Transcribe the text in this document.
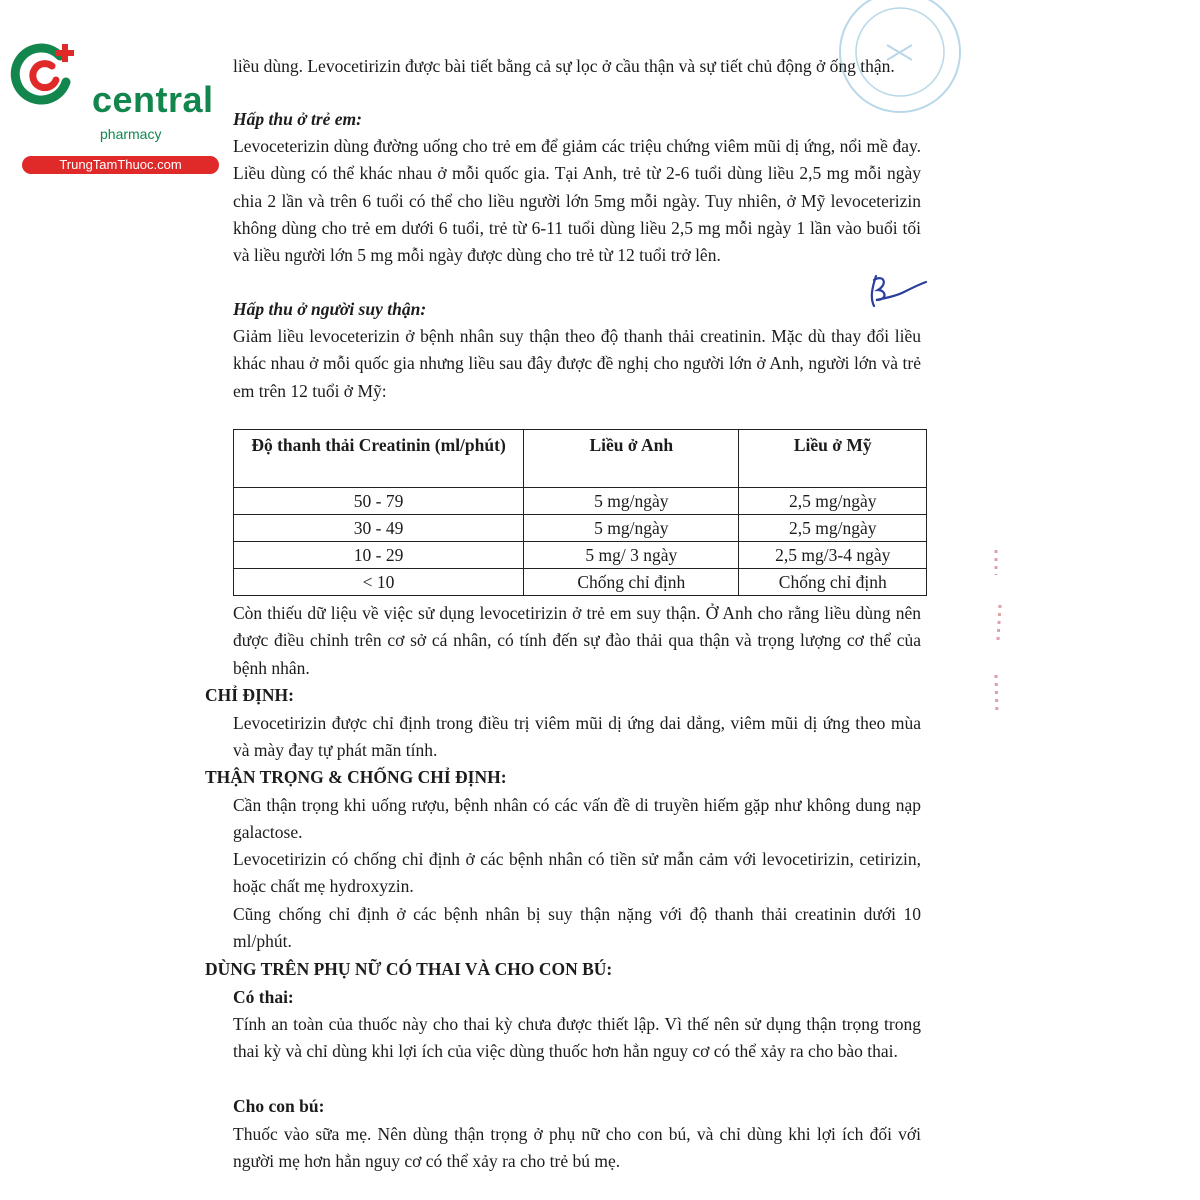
central
pharmacy
TrungTamThuoc.com

liều dùng. Levocetirizin được bài tiết bằng cả sự lọc ở cầu thận và sự tiết chủ động ở ống thận.

Hấp thu ở trẻ em:

Levoceterizin dùng đường uống cho trẻ em để giảm các triệu chứng viêm mũi dị ứng, nổi mề đay. Liều dùng có thể khác nhau ở mỗi quốc gia. Tại Anh, trẻ từ 2-6 tuổi dùng liều 2,5 mg mỗi ngày chia 2 lần và trên 6 tuổi có thể cho liều người lớn 5mg mỗi ngày. Tuy nhiên, ở Mỹ levoceterizin không dùng cho trẻ em dưới 6 tuổi, trẻ từ 6-11 tuổi dùng liều 2,5 mg mỗi ngày 1 lần vào buổi tối và liều người lớn 5 mg mỗi ngày được dùng cho trẻ từ 12 tuổi trở lên.

Hấp thu ở người suy thận:

Giảm liều levoceterizin ở bệnh nhân suy thận theo độ thanh thải creatinin. Mặc dù thay đổi liều khác nhau ở mỗi quốc gia nhưng liều sau đây được đề nghị cho người lớn ở Anh, người lớn và trẻ em trên 12 tuổi ở Mỹ:

Độ thanh thải Creatinin (ml/phút)	Liều ở Anh	Liều ở Mỹ
50 - 79	5 mg/ngày	2,5 mg/ngày
30 - 49	5 mg/ngày	2,5 mg/ngày
10 - 29	5 mg/ 3 ngày	2,5 mg/3-4 ngày
< 10	Chống chỉ định	Chống chỉ định

Còn thiếu dữ liệu về việc sử dụng levocetirizin ở trẻ em suy thận. Ở Anh cho rằng liều dùng nên được điều chỉnh trên cơ sở cá nhân, có tính đến sự đào thải qua thận và trọng lượng cơ thể của bệnh nhân.

CHỈ ĐỊNH:

Levocetirizin được chỉ định trong điều trị viêm mũi dị ứng dai dẳng, viêm mũi dị ứng theo mùa và mày đay tự phát mãn tính.

THẬN TRỌNG & CHỐNG CHỈ ĐỊNH:

Cần thận trọng khi uống rượu, bệnh nhân có các vấn đề di truyền hiếm gặp như không dung nạp galactose.

Levocetirizin có chống chỉ định ở các bệnh nhân có tiền sử mẫn cảm với levocetirizin, cetirizin, hoặc chất mẹ hydroxyzin.

Cũng chống chỉ định ở các bệnh nhân bị suy thận nặng với độ thanh thải creatinin dưới 10 ml/phút.

DÙNG TRÊN PHỤ NỮ CÓ THAI VÀ CHO CON BÚ:

Có thai:

Tính an toàn của thuốc này cho thai kỳ chưa được thiết lập. Vì thế nên sử dụng thận trọng trong thai kỳ và chỉ dùng khi lợi ích của việc dùng thuốc hơn hẳn nguy cơ có thể xảy ra cho bào thai.

Cho con bú:

Thuốc vào sữa mẹ. Nên dùng thận trọng ở phụ nữ cho con bú, và chỉ dùng khi lợi ích đối với người mẹ hơn hẳn nguy cơ có thể xảy ra cho trẻ bú mẹ.
